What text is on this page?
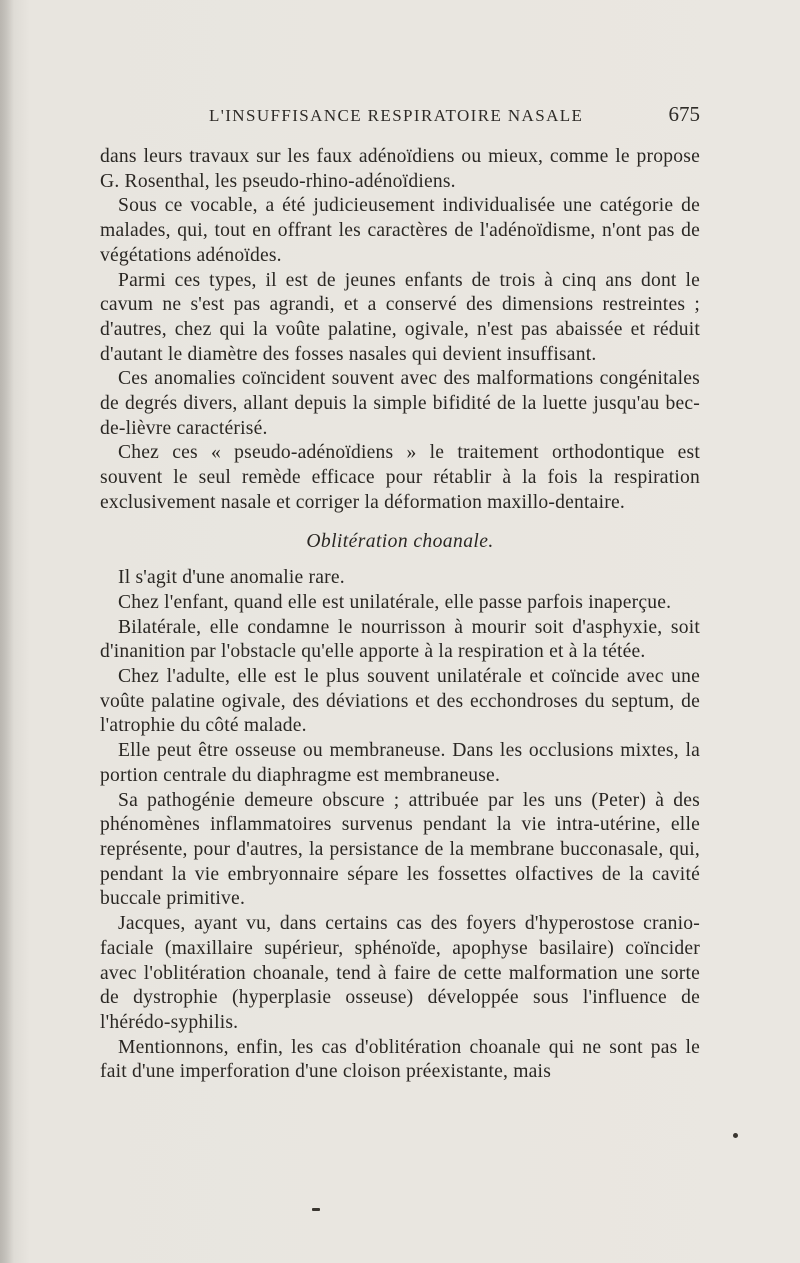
L'INSUFFISANCE RESPIRATOIRE NASALE	675

dans leurs travaux sur les faux adénoïdiens ou mieux, comme le propose G. Rosenthal, les pseudo-rhino-adénoïdiens.

Sous ce vocable, a été judicieusement individualisée une catégorie de malades, qui, tout en offrant les caractères de l'adénoïdisme, n'ont pas de végétations adénoïdes.

Parmi ces types, il est de jeunes enfants de trois à cinq ans dont le cavum ne s'est pas agrandi, et a conservé des dimensions restreintes ; d'autres, chez qui la voûte palatine, ogivale, n'est pas abaissée et réduit d'autant le diamètre des fosses nasales qui devient insuffisant.

Ces anomalies coïncident souvent avec des malformations congénitales de degrés divers, allant depuis la simple bifidité de la luette jusqu'au bec-de-lièvre caractérisé.

Chez ces « pseudo-adénoïdiens » le traitement orthodontique est souvent le seul remède efficace pour rétablir à la fois la respiration exclusivement nasale et corriger la déformation maxillo-dentaire.

Oblitération choanale.

Il s'agit d'une anomalie rare.

Chez l'enfant, quand elle est unilatérale, elle passe parfois inaperçue.

Bilatérale, elle condamne le nourrisson à mourir soit d'asphyxie, soit d'inanition par l'obstacle qu'elle apporte à la respiration et à la tétée.

Chez l'adulte, elle est le plus souvent unilatérale et coïncide avec une voûte palatine ogivale, des déviations et des ecchondroses du septum, de l'atrophie du côté malade.

Elle peut être osseuse ou membraneuse. Dans les occlusions mixtes, la portion centrale du diaphragme est membraneuse.

Sa pathogénie demeure obscure ; attribuée par les uns (Peter) à des phénomènes inflammatoires survenus pendant la vie intra-utérine, elle représente, pour d'autres, la persistance de la membrane bucconasale, qui, pendant la vie embryonnaire sépare les fossettes olfactives de la cavité buccale primitive.

Jacques, ayant vu, dans certains cas des foyers d'hyperostose cranio-faciale (maxillaire supérieur, sphénoïde, apophyse basilaire) coïncider avec l'oblitération choanale, tend à faire de cette malformation une sorte de dystrophie (hyperplasie osseuse) développée sous l'influence de l'hérédo-syphilis.

Mentionnons, enfin, les cas d'oblitération choanale qui ne sont pas le fait d'une imperforation d'une cloison préexistante, mais
